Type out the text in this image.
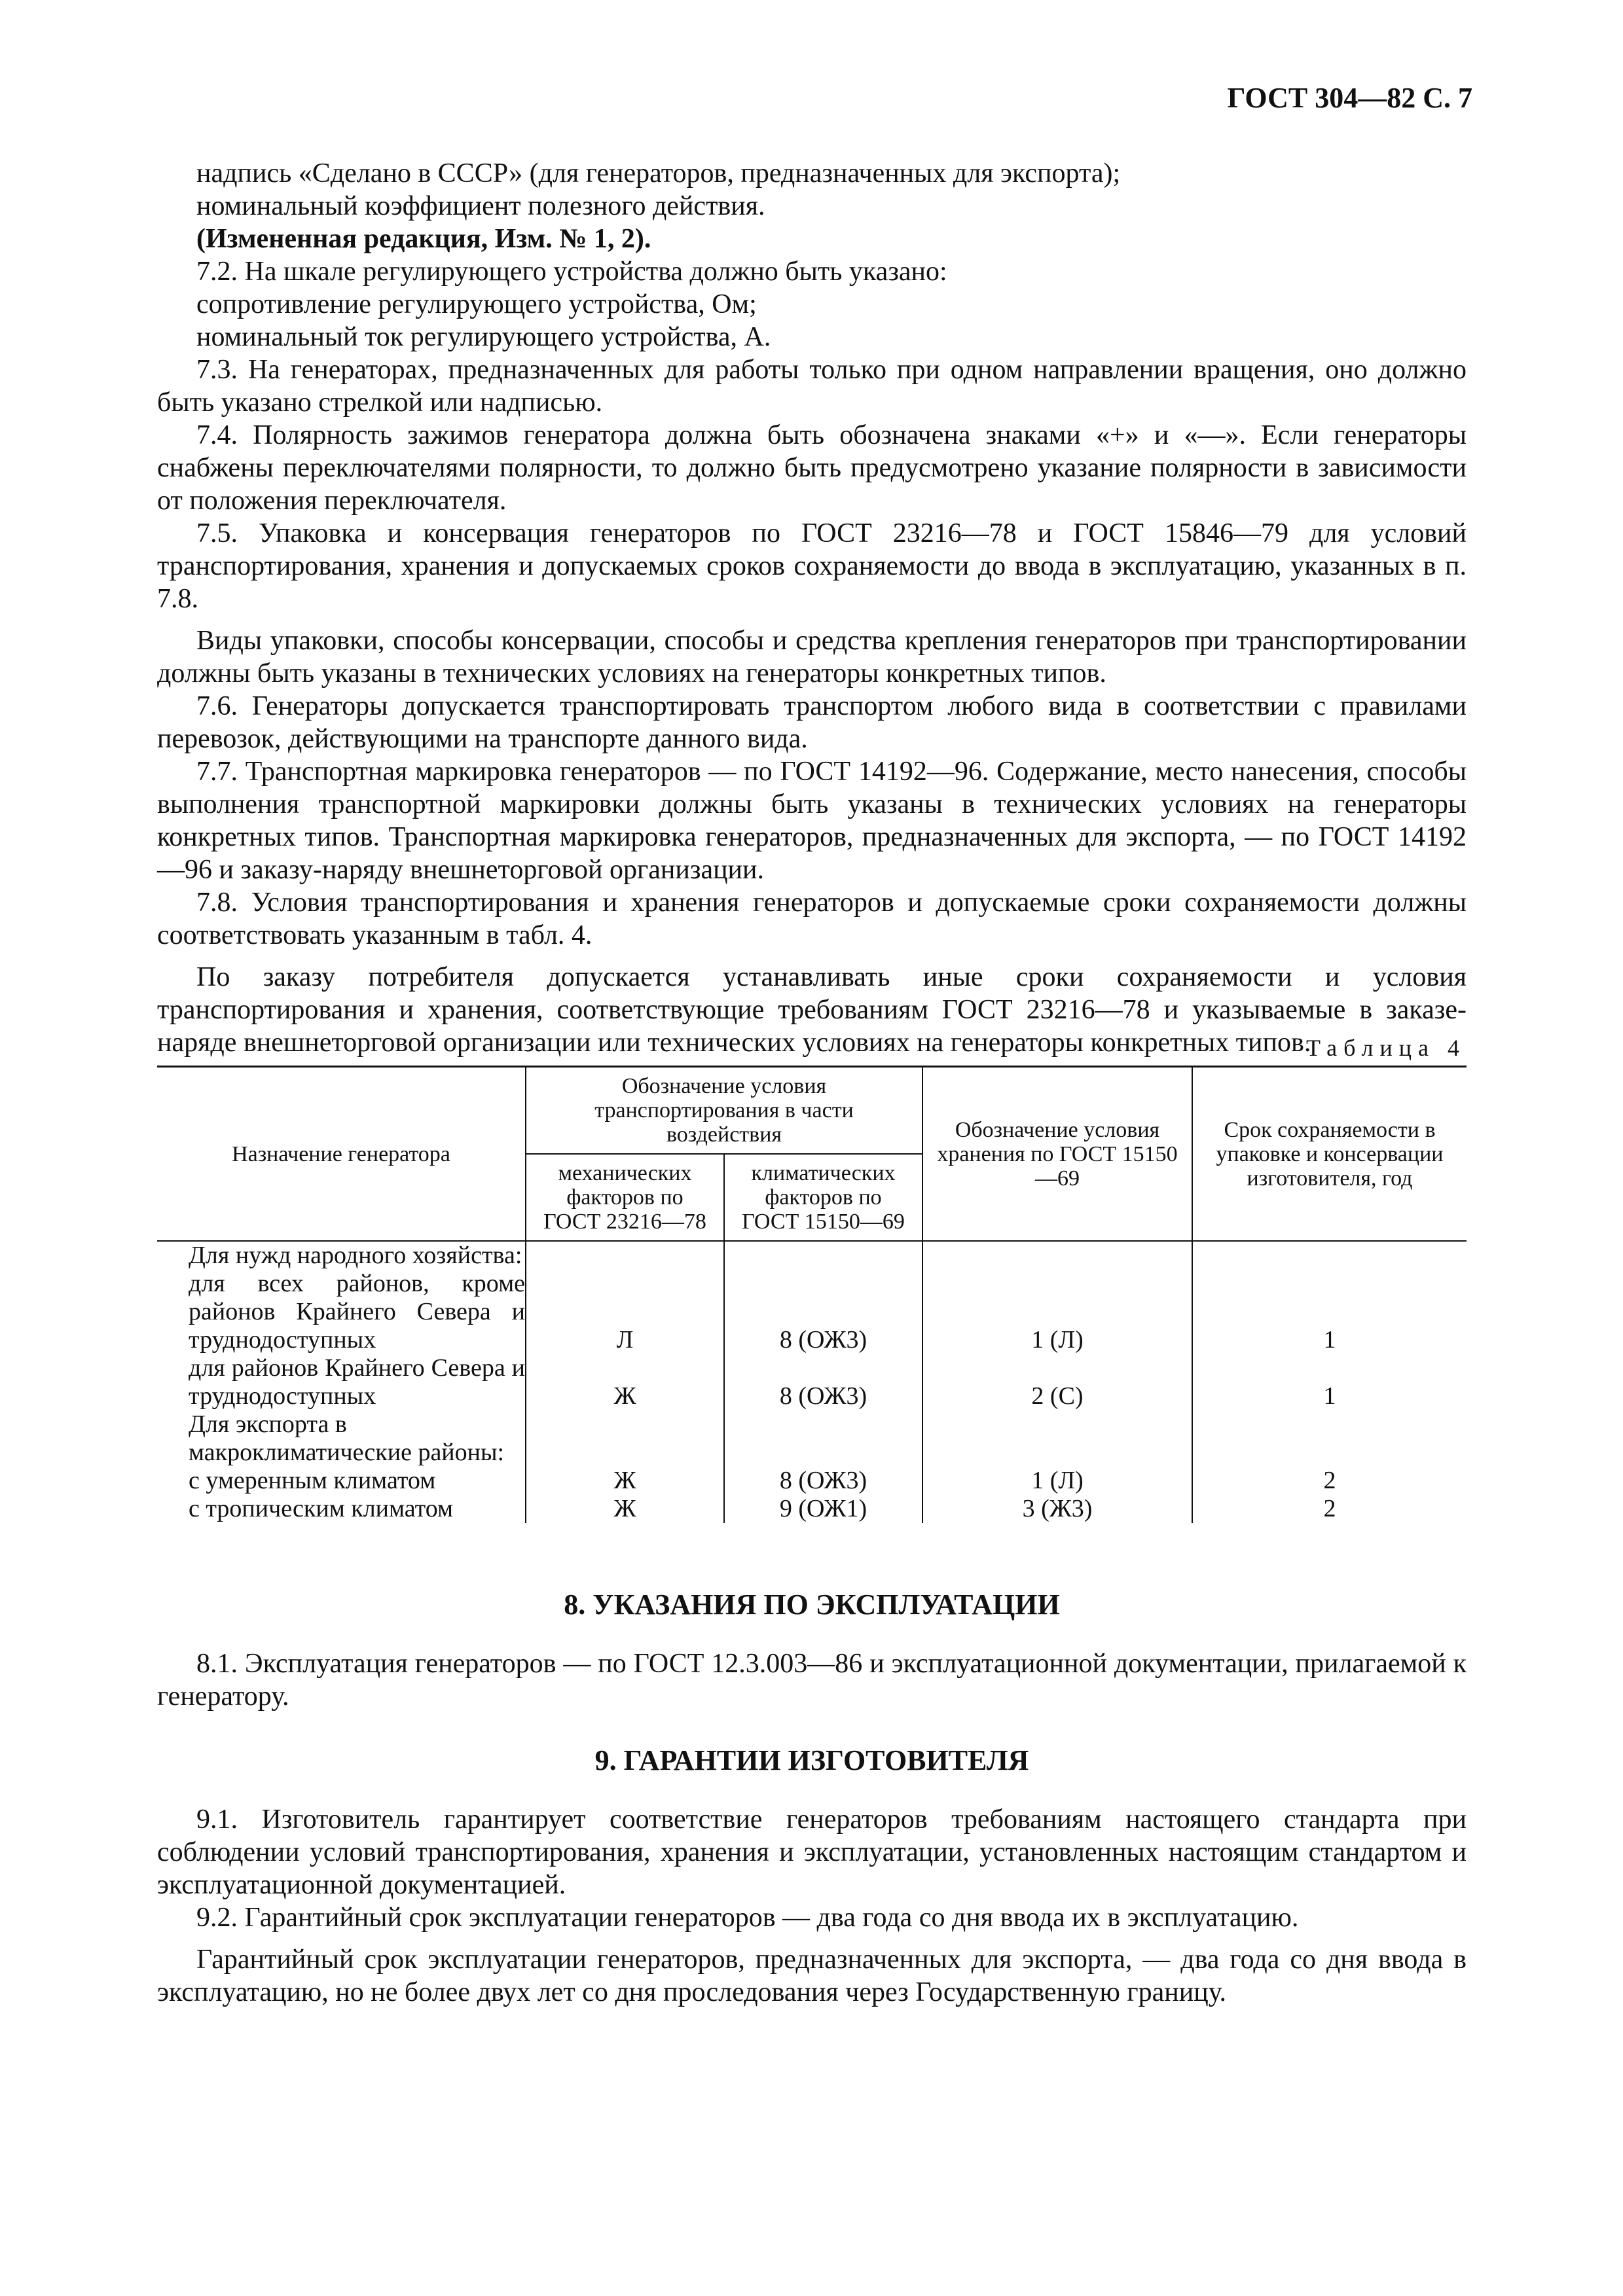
ГОСТ 304—82 С. 7

надпись «Сделано в СССР» (для генераторов, предназначенных для экспорта);

номинальный коэффициент полезного действия.

(Измененная редакция, Изм. № 1, 2).

7.2. На шкале регулирующего устройства должно быть указано:

сопротивление регулирующего устройства, Ом;

номинальный ток регулирующего устройства, А.

7.3. На генераторах, предназначенных для работы только при одном направлении вращения, оно должно быть указано стрелкой или надписью.

7.4. Полярность зажимов генератора должна быть обозначена знаками «+» и «—». Если генераторы снабжены переключателями полярности, то должно быть предусмотрено указание полярности в зависимости от положения переключателя.

7.5. Упаковка и консервация генераторов по ГОСТ 23216—78 и ГОСТ 15846—79 для условий транспортирования, хранения и допускаемых сроков сохраняемости до ввода в эксплуатацию, указанных в п. 7.8.

Виды упаковки, способы консервации, способы и средства крепления генераторов при транспортировании должны быть указаны в технических условиях на генераторы конкретных типов.

7.6. Генераторы допускается транспортировать транспортом любого вида в соответствии с правилами перевозок, действующими на транспорте данного вида.

7.7. Транспортная маркировка генераторов — по ГОСТ 14192—96. Содержание, место нанесения, способы выполнения транспортной маркировки должны быть указаны в технических условиях на генераторы конкретных типов. Транспортная маркировка генераторов, предназначенных для экспорта, — по ГОСТ 14192—96 и заказу-наряду внешнеторговой организации.

7.8. Условия транспортирования и хранения генераторов и допускаемые сроки сохраняемости должны соответствовать указанным в табл. 4.

По заказу потребителя допускается устанавливать иные сроки сохраняемости и условия транспортирования и хранения, соответствующие требованиям ГОСТ 23216—78 и указываемые в заказе-наряде внешнеторговой организации или технических условиях на генераторы конкретных типов.

Таблица 4
Назначение генератора	Обозначение условия транспортирования в части воздействия		Обозначение условия хранения по ГОСТ 15150—69	Срок сохраняемости в упаковке и консервации изготовителя, год
	механических факторов по ГОСТ 23216—78	климатических факторов по ГОСТ 15150—69		

Для нужд народного хозяйства:				

для всех районов, кроме районов Крайнего Севера и труднодоступных	Л	8 (ОЖ3)	1 (Л)	1

для районов Крайнего Севера и труднодоступных	Ж	8 (ОЖ3)	2 (С)	1

Для экспорта в макроклиматические районы:				

с умеренным климатом	Ж	8 (ОЖ3)	1 (Л)	2

с тропическим климатом	Ж	9 (ОЖ1)	3 (Ж3)	2
8. УКАЗАНИЯ ПО ЭКСПЛУАТАЦИИ

8.1. Эксплуатация генераторов — по ГОСТ 12.3.003—86 и эксплуатационной документации, прилагаемой к генератору.

9. ГАРАНТИИ ИЗГОТОВИТЕЛЯ

9.1. Изготовитель гарантирует соответствие генераторов требованиям настоящего стандарта при соблюдении условий транспортирования, хранения и эксплуатации, установленных настоящим стандартом и эксплуатационной документацией.

9.2. Гарантийный срок эксплуатации генераторов — два года со дня ввода их в эксплуатацию.

Гарантийный срок эксплуатации генераторов, предназначенных для экспорта, — два года со дня ввода в эксплуатацию, но не более двух лет со дня проследования через Государственную границу.
